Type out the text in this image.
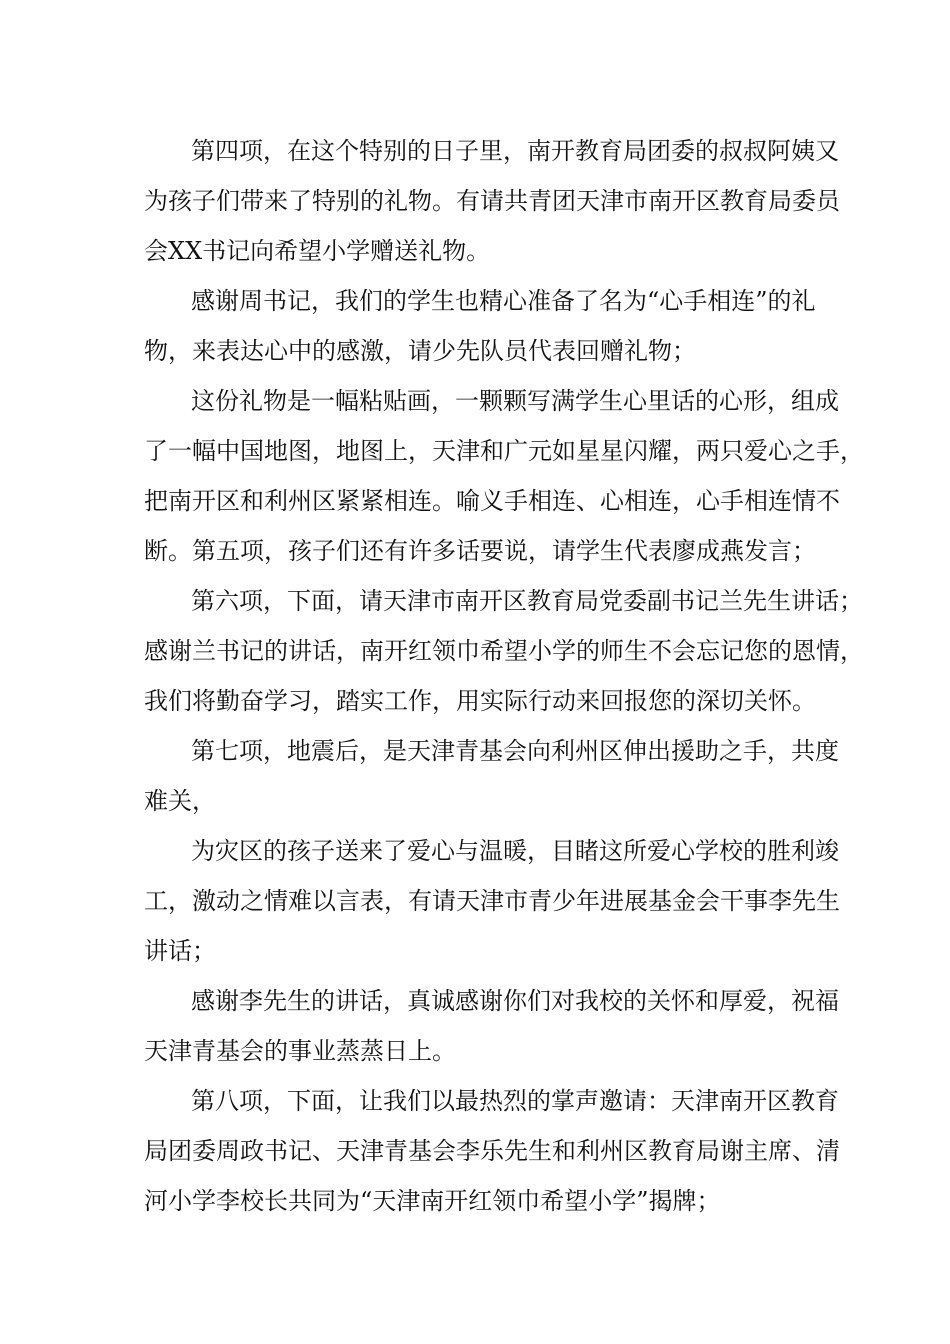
第四项，在这个特别的日子里，南开教育局团委的叔叔阿姨又
为孩子们带来了特别的礼物。有请共青团天津市南开区教育局委员
会XX书记向希望小学赠送礼物。
感谢周书记，我们的学生也精心准备了名为“心手相连”的礼
物，来表达心中的感激，请少先队员代表回赠礼物；
这份礼物是一幅粘贴画，一颗颗写满学生心里话的心形，组成
了一幅中国地图，地图上，天津和广元如星星闪耀，两只爱心之手，
把南开区和利州区紧紧相连。喻义手相连、心相连，心手相连情不
断。第五项，孩子们还有许多话要说，请学生代表廖成燕发言；
第六项，下面，请天津市南开区教育局党委副书记兰先生讲话；
感谢兰书记的讲话，南开红领巾希望小学的师生不会忘记您的恩情，
我们将勤奋学习，踏实工作，用实际行动来回报您的深切关怀。
第七项，地震后，是天津青基会向利州区伸出援助之手，共度
难关，
为灾区的孩子送来了爱心与温暖，目睹这所爱心学校的胜利竣
工，激动之情难以言表，有请天津市青少年进展基金会干事李先生
讲话；
感谢李先生的讲话，真诚感谢你们对我校的关怀和厚爱，祝福
天津青基会的事业蒸蒸日上。
第八项，下面，让我们以最热烈的掌声邀请：天津南开区教育
局团委周政书记、天津青基会李乐先生和利州区教育局谢主席、清
河小学李校长共同为“天津南开红领巾希望小学”揭牌；
